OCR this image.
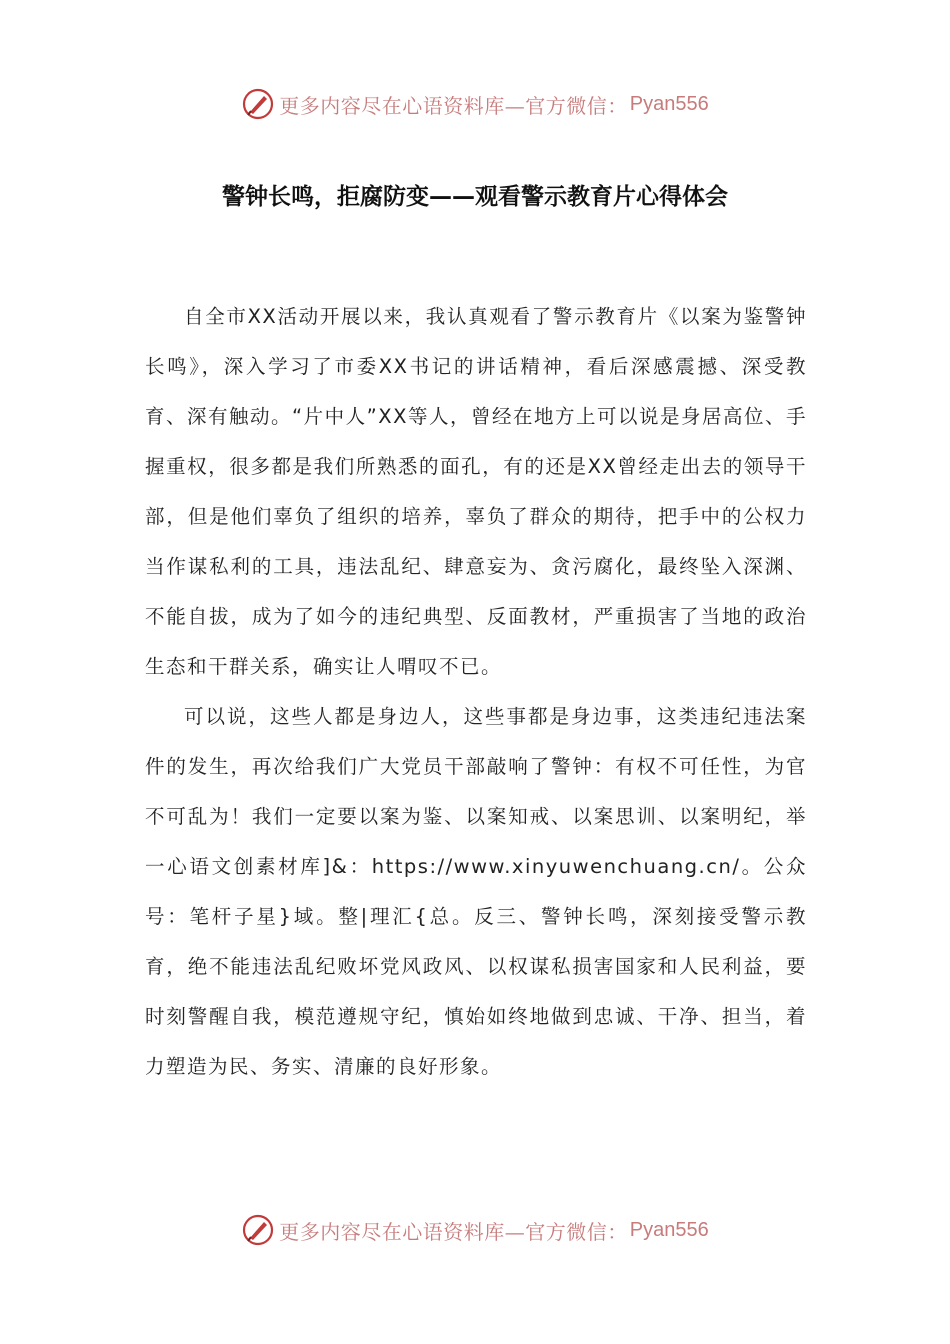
更多内容尽在心语资料库—官方微信： Pyan556
警钟长鸣，拒腐防变——观看警示教育片心得体会

自全市XX活动开展以来，我认真观看了警示教育片《以案为鉴警钟长鸣》，深入学习了市委XX书记的讲话精神，看后深感震撼、深受教育、深有触动。“片中人”XX等人，曾经在地方上可以说是身居高位、手握重权，很多都是我们所熟悉的面孔，有的还是XX曾经走出去的领导干部，但是他们辜负了组织的培养，辜负了群众的期待，把手中的公权力当作谋私利的工具，违法乱纪、肆意妄为、贪污腐化，最终坠入深渊、不能自拔，成为了如今的违纪典型、反面教材，严重损害了当地的政治生态和干群关系，确实让人喟叹不已。

可以说，这些人都是身边人，这些事都是身边事，这类违纪违法案件的发生，再次给我们广大党员干部敲响了警钟：有权不可任性，为官不可乱为！我们一定要以案为鉴、以案知戒、以案思训、以案明纪，举一心语文创素材库]&：https://www.xinyuwenchuang.cn/。公众号：笔杆子星}域。整|理汇{总。反三、警钟长鸣，深刻接受警示教育，绝不能违法乱纪败坏党风政风、以权谋私损害国家和人民利益，要时刻警醒自我，模范遵规守纪，慎始如终地做到忠诚、干净、担当，着力塑造为民、务实、清廉的良好形象。

更多内容尽在心语资料库—官方微信： Pyan556
